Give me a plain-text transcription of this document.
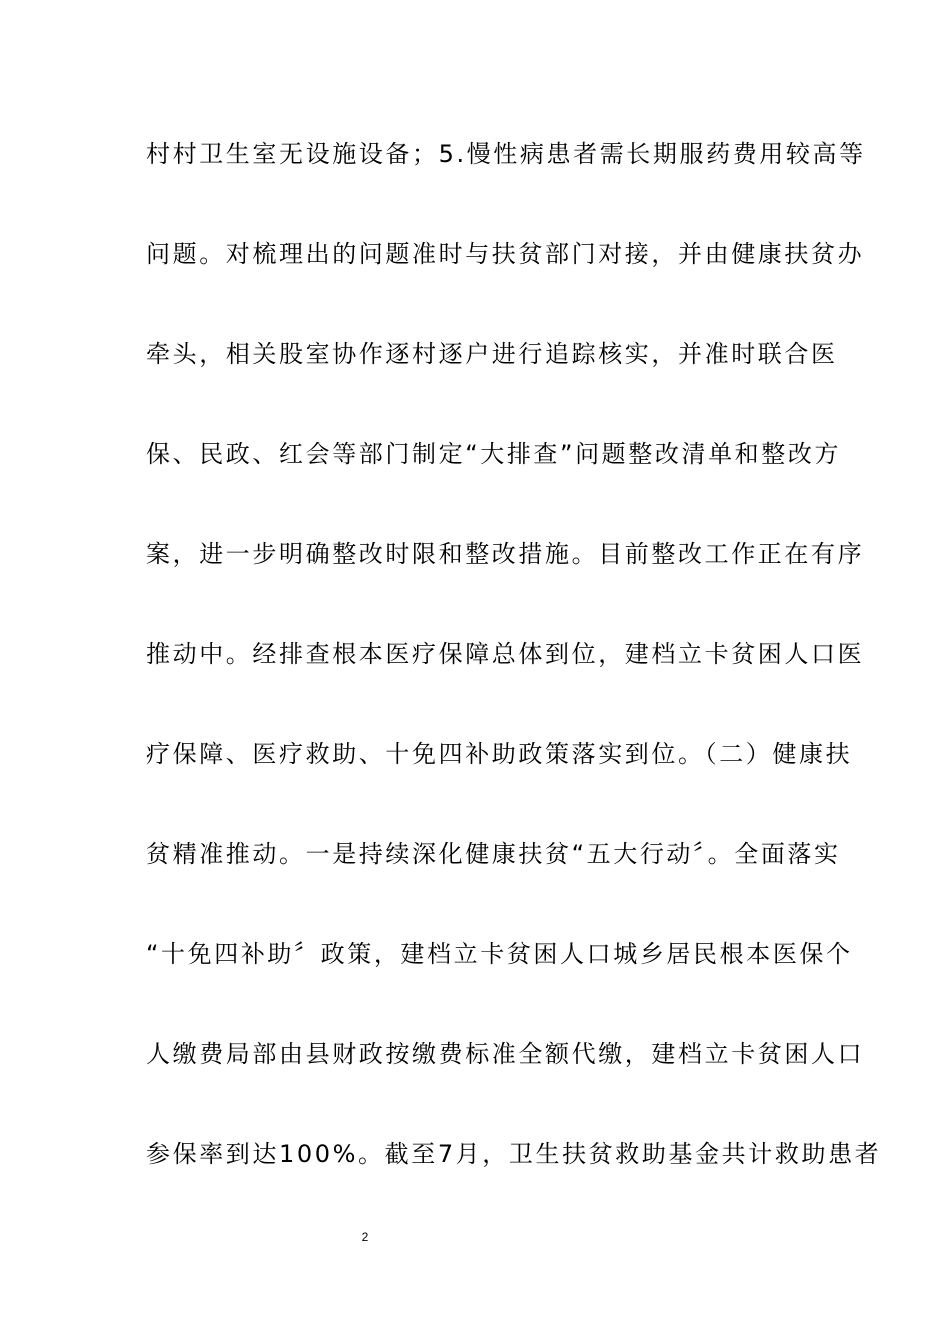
村村卫生室无设施设备；5.慢性病患者需长期服药费用较高等
问题。对梳理出的问题准时与扶贫部门对接，并由健康扶贫办
牵头，相关股室协作逐村逐户进行追踪核实，并准时联合医
保、民政、红会等部门制定“大排查”问题整改清单和整改方
案，进一步明确整改时限和整改措施。目前整改工作正在有序
推动中。经排查根本医疗保障总体到位，建档立卡贫困人口医
疗保障、医疗救助、十免四补助政策落实到位。（二）健康扶
贫精准推动。一是持续深化健康扶贫“五大行动〞。全面落实
“十免四补助〞政策，建档立卡贫困人口城乡居民根本医保个
人缴费局部由县财政按缴费标准全额代缴，建档立卡贫困人口
参保率到达100%。截至7月，卫生扶贫救助基金共计救助患者
2
